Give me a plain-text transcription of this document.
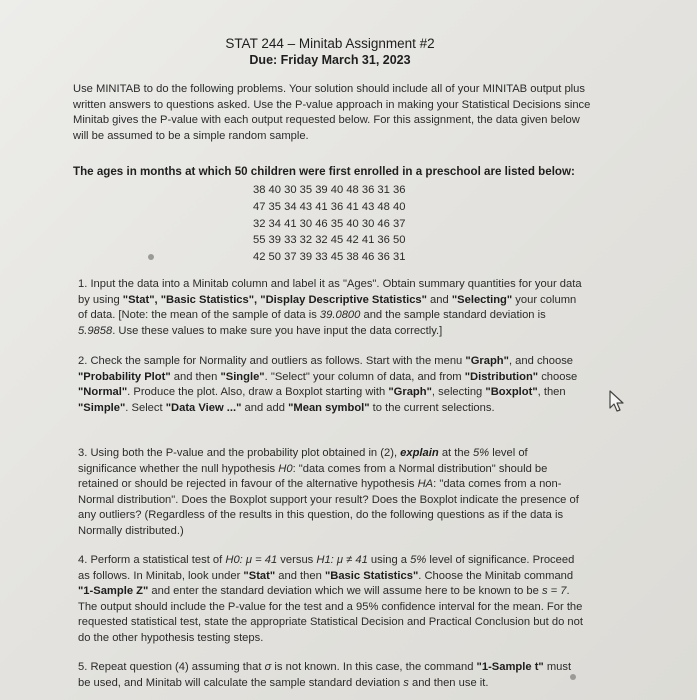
STAT 244 – Minitab Assignment #2
Due: Friday March 31, 2023
Use MINITAB to do the following problems. Your solution should include all of your MINITAB output plus written answers to questions asked. Use the P-value approach in making your Statistical Decisions since Minitab gives the P-value with each output requested below. For this assignment, the data given below will be assumed to be a simple random sample.
The ages in months at which 50 children were first enrolled in a preschool are listed below:
38 40 30 35 39 40 48 36 31 36
47 35 34 43 41 36 41 43 48 40
32 34 41 30 46 35 40 30 46 37
55 39 33 32 32 45 42 41 36 50
42 50 37 39 33 45 38 46 36 31
1. Input the data into a Minitab column and label it as "Ages". Obtain summary quantities for your data by using "Stat", "Basic Statistics", "Display Descriptive Statistics" and "Selecting" your column of data. [Note: the mean of the sample of data is 39.0800 and the sample standard deviation is 5.9858. Use these values to make sure you have input the data correctly.]
2. Check the sample for Normality and outliers as follows. Start with the menu "Graph", and choose "Probability Plot" and then "Single". "Select" your column of data, and from "Distribution" choose "Normal". Produce the plot. Also, draw a Boxplot starting with "Graph", selecting "Boxplot", then "Simple". Select "Data View ..." and add "Mean symbol" to the current selections.
3. Using both the P-value and the probability plot obtained in (2), explain at the 5% level of significance whether the null hypothesis H0: "data comes from a Normal distribution" should be retained or should be rejected in favour of the alternative hypothesis HA: "data comes from a non-Normal distribution". Does the Boxplot support your result? Does the Boxplot indicate the presence of any outliers? (Regardless of the results in this question, do the following questions as if the data is Normally distributed.)
4. Perform a statistical test of H0: μ = 41 versus H1: μ ≠ 41 using a 5% level of significance. Proceed as follows. In Minitab, look under "Stat" and then "Basic Statistics". Choose the Minitab command "1-Sample Z" and enter the standard deviation which we will assume here to be known to be s = 7. The output should include the P-value for the test and a 95% confidence interval for the mean. For the requested statistical test, state the appropriate Statistical Decision and Practical Conclusion but do not do the other hypothesis testing steps.
5. Repeat question (4) assuming that σ is not known. In this case, the command "1-Sample t" must be used, and Minitab will calculate the sample standard deviation s and then use it.
